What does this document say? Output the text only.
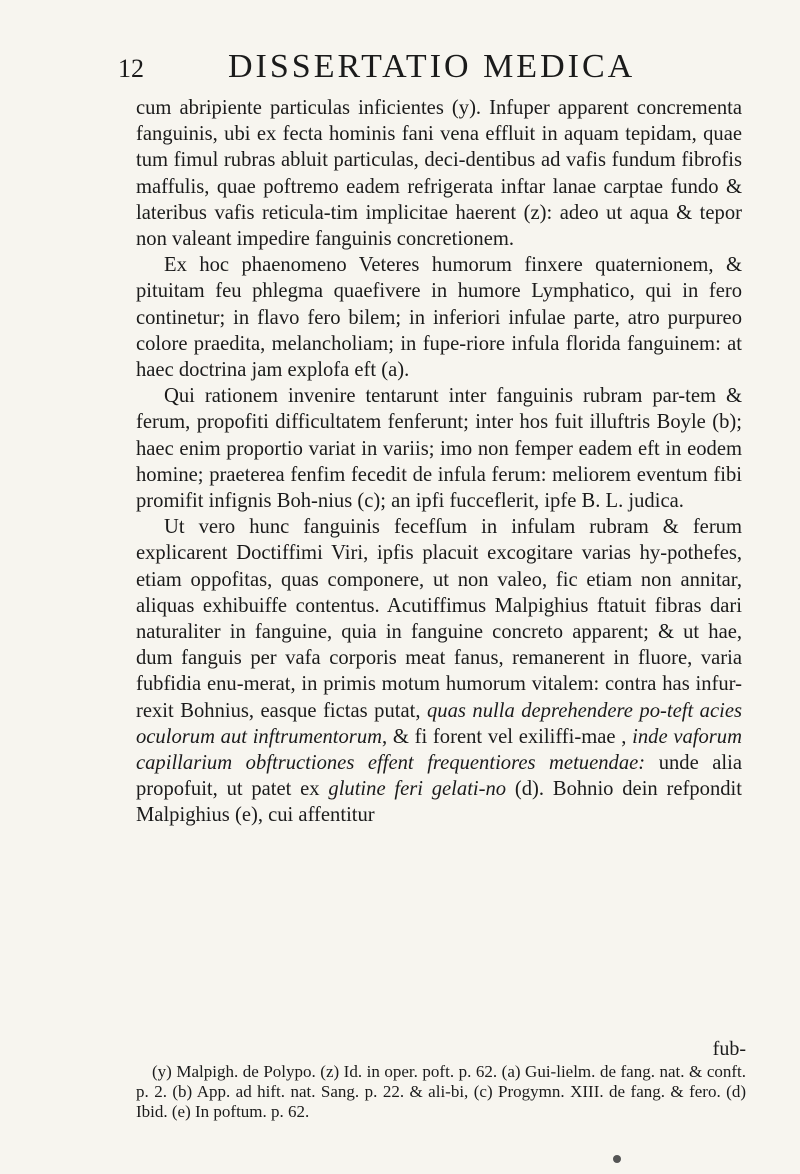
12 DISSERTATIO MEDICA

cum abripiente particulas inficientes (y). Infuper apparent concrementa fanguinis, ubi ex fecta hominis fani vena effluit in aquam tepidam, quae tum fimul rubras abluit particulas, deci-dentibus ad vafis fundum fibrofis maffulis, quae poftremo eadem refrigerata inftar lanae carptae fundo & lateribus vafis reticula-tim implicitae haerent (z): adeo ut aqua & tepor non valeant impedire fanguinis concretionem.

Ex hoc phaenomeno Veteres humorum finxere quaternionem, & pituitam feu phlegma quaefivere in humore Lymphatico, qui in fero continetur; in flavo fero bilem; in inferiori infulae parte, atro purpureo colore praedita, melancholiam; in fupe-riore infula florida fanguinem: at haec doctrina jam explofa eft (a).

Qui rationem invenire tentarunt inter fanguinis rubram par-tem & ferum, propofiti difficultatem fenferunt; inter hos fuit illuftris Boyle (b); haec enim proportio variat in variis; imo non femper eadem eft in eodem homine; praeterea fenfim fecedit de infula ferum: meliorem eventum fibi promifit infignis Boh-nius (c); an ipfi fucceflerit, ipfe B. L. judica.

Ut vero hunc fanguinis fecefſum in infulam rubram & ferum explicarent Doctiffimi Viri, ipfis placuit excogitare varias hy-pothefes, etiam oppofitas, quas componere, ut non valeo, fic etiam non annitar, aliquas exhibuiffe contentus. Acutiffimus Malpighius ftatuit fibras dari naturaliter in fanguine, quia in fanguine concreto apparent; & ut hae, dum fanguis per vafa corporis meat fanus, remanerent in fluore, varia fubfidia enu-merat, in primis motum humorum vitalem: contra has infur-rexit Bohnius, easque fictas putat, quas nulla deprehendere po-teft acies oculorum aut inftrumentorum, & fi forent vel exiliffi-mae , inde vaforum capillarium obftructiones effent frequentiores metuendae: unde alia propofuit, ut patet ex glutine feri gelati-no (d). Bohnio dein refpondit Malpighius (e), cui affentitur

fub-

(y) Malpigh. de Polypo. (z) Id. in oper. poft. p. 62. (a) Gui-lielm. de fang. nat. & conft. p. 2. (b) App. ad hift. nat. Sang. p. 22. & ali-bi, (c) Progymn. XIII. de fang. & fero. (d) Ibid. (e) In poftum. p. 62.
